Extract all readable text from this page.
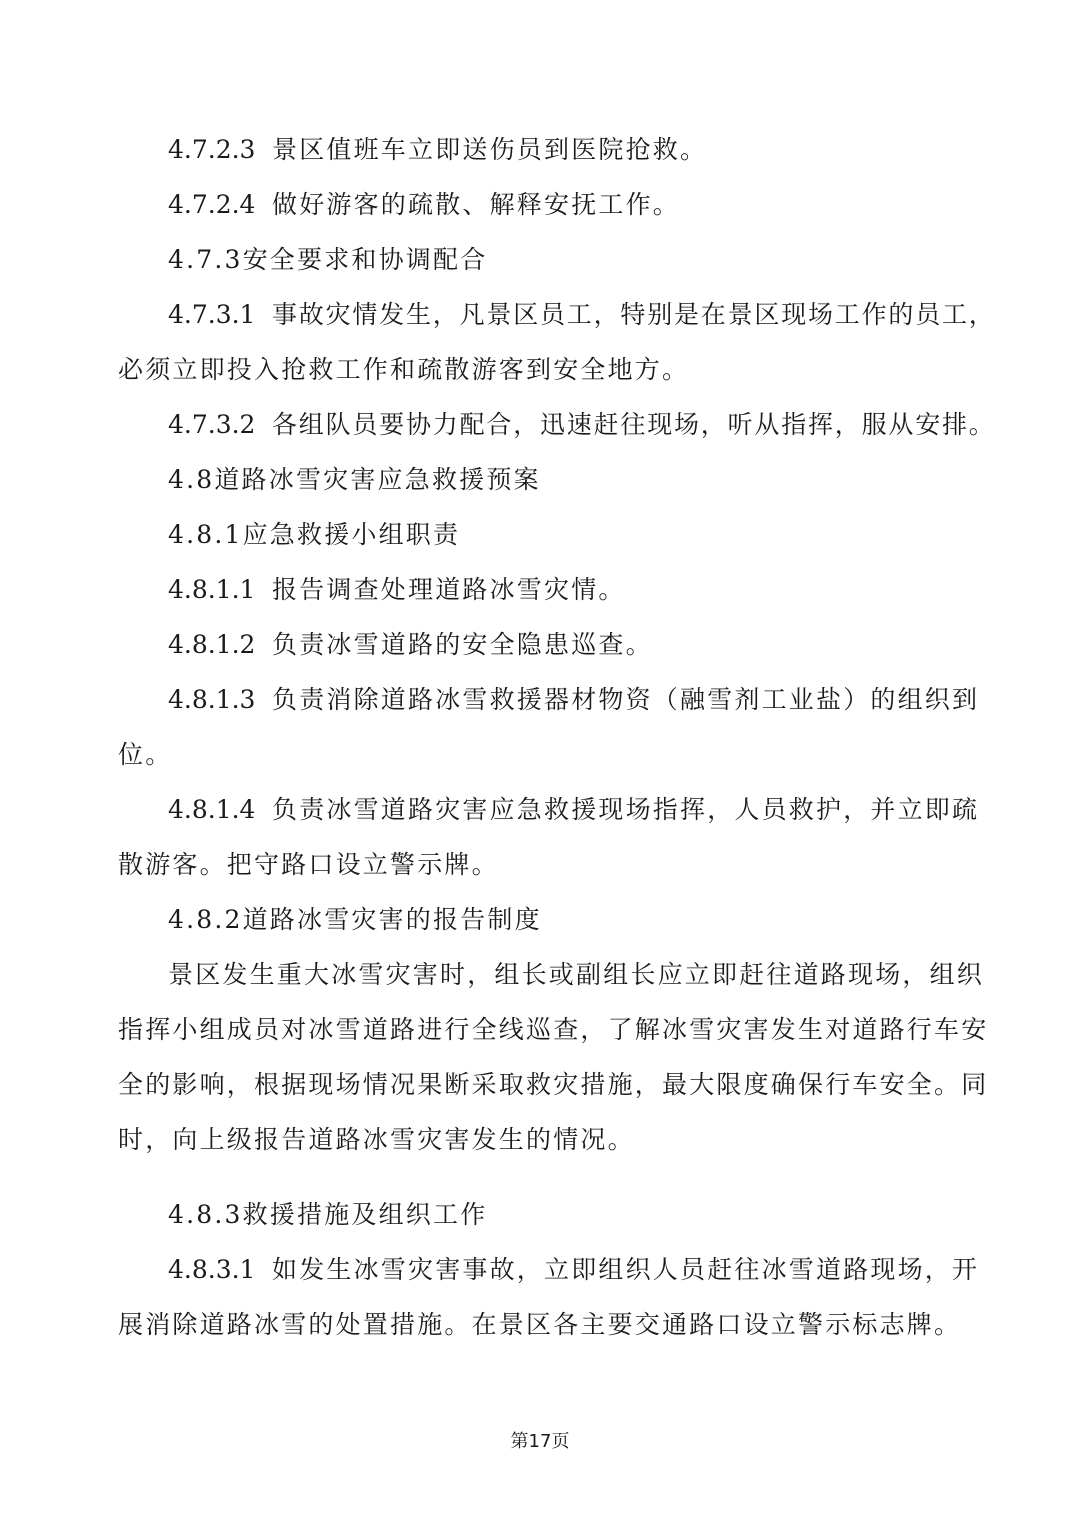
4.7.2.3 景区值班车立即送伤员到医院抢救。
4.7.2.4 做好游客的疏散、解释安抚工作。
4.7.3安全要求和协调配合
4.7.3.1 事故灾情发生，凡景区员工，特别是在景区现场工作的员工，
必须立即投入抢救工作和疏散游客到安全地方。
4.7.3.2 各组队员要协力配合，迅速赶往现场，听从指挥，服从安排。
4.8道路冰雪灾害应急救援预案
4.8.1应急救援小组职责
4.8.1.1 报告调查处理道路冰雪灾情。
4.8.1.2 负责冰雪道路的安全隐患巡查。
4.8.1.3 负责消除道路冰雪救援器材物资（融雪剂工业盐）的组织到
位。
4.8.1.4 负责冰雪道路灾害应急救援现场指挥，人员救护，并立即疏
散游客。把守路口设立警示牌。
4.8.2道路冰雪灾害的报告制度
景区发生重大冰雪灾害时，组长或副组长应立即赶往道路现场，组织
指挥小组成员对冰雪道路进行全线巡查，了解冰雪灾害发生对道路行车安
全的影响，根据现场情况果断采取救灾措施，最大限度确保行车安全。同
时，向上级报告道路冰雪灾害发生的情况。
4.8.3救援措施及组织工作
4.8.3.1 如发生冰雪灾害事故，立即组织人员赶往冰雪道路现场，开
展消除道路冰雪的处置措施。在景区各主要交通路口设立警示标志牌。
第17页
